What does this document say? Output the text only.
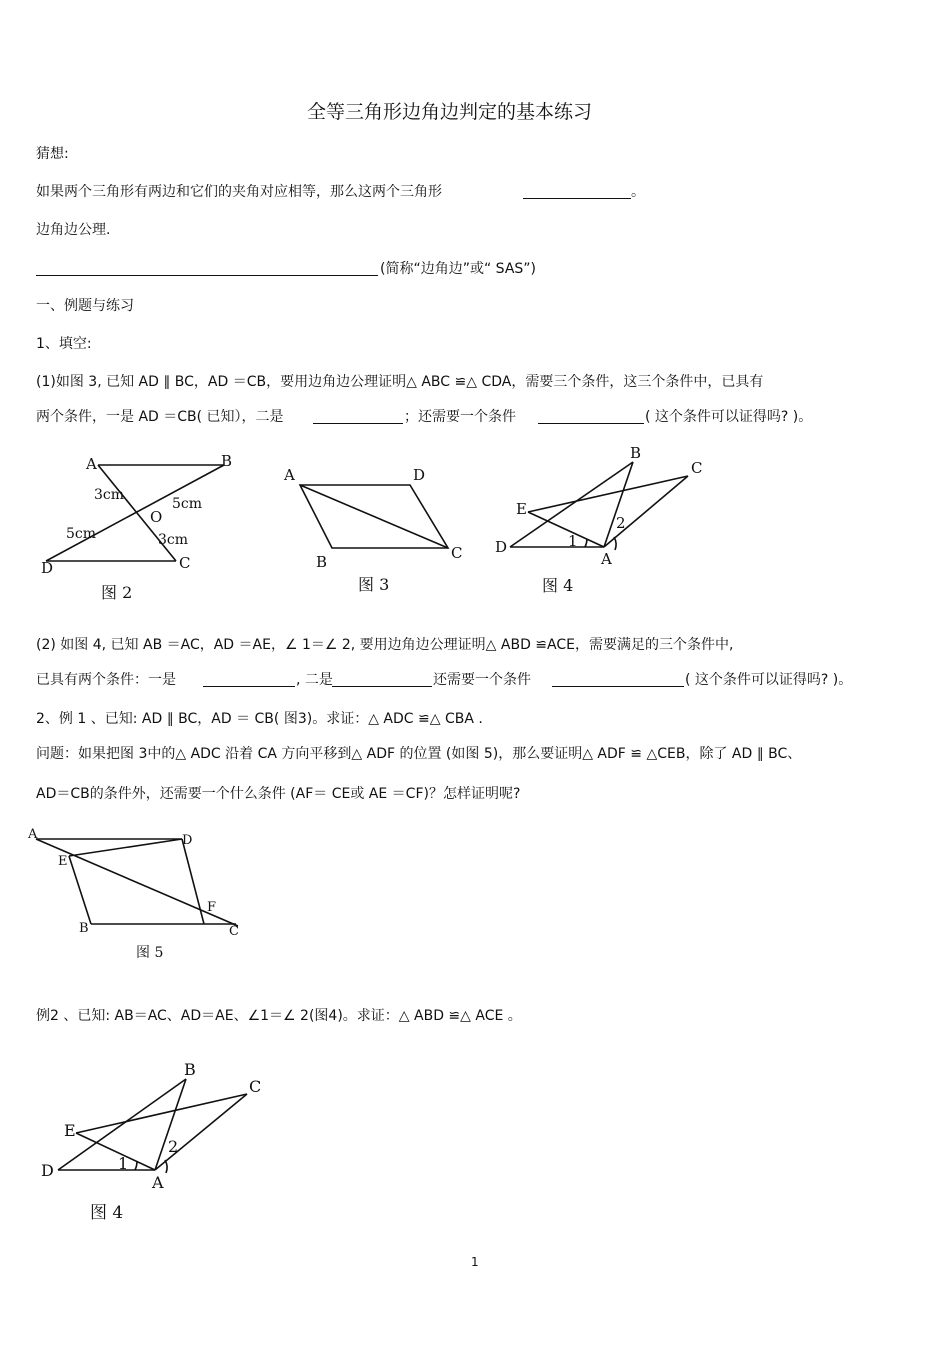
全等三角形边角边判定的基本练习
猜想:
如果两个三角形有两边和它们的夹角对应相等，那么这两个三角形	。
边角边公理.
(简称“边角边”或“ SAS”)
一、例题与练习
1、填空:
(1)如图 3, 已知 AD ∥ BC，AD ＝CB，要用边角边公理证明△ ABC ≌△ CDA，需要三个条件，这三个条件中，已具有
两个条件，一是 AD ＝CB( 已知），二是	；还需要一个条件	( 这个条件可以证得吗? )。
A	B
C
D
O
3cm
5cm
5cm	3cm
图 2
A	D
B	C
图 3
B
C
E
D
A
1
2
图 4
(2) 如图 4, 已知 AB ＝AC，AD ＝AE，∠ 1＝∠ 2, 要用边角边公理证明△ ABD ≌ACE，需要满足的三个条件中,
已具有两个条件：一是	, 二是	还需要一个条件	( 这个条件可以证得吗? )。
2、例 1 、已知: AD ∥ BC，AD ＝ CB( 图3)。求证：△ ADC ≌△ CBA .
问题：如果把图 3中的△ ADC 沿着 CA 方向平移到△ ADF 的位置 (如图 5)，那么要证明△ ADF ≌ △CEB，除了 AD ∥ BC、
AD＝CB的条件外，还需要一个什么条件 (AF＝ CE或 AE ＝CF)？怎样证明呢?
A	D
E
F
B	C
图 5
例2 、已知: AB＝AC、AD＝AE、∠1＝∠ 2(图4)。求证：△ ABD ≌△ ACE 。
B
C
E
D
A
1
2
图 4
1
